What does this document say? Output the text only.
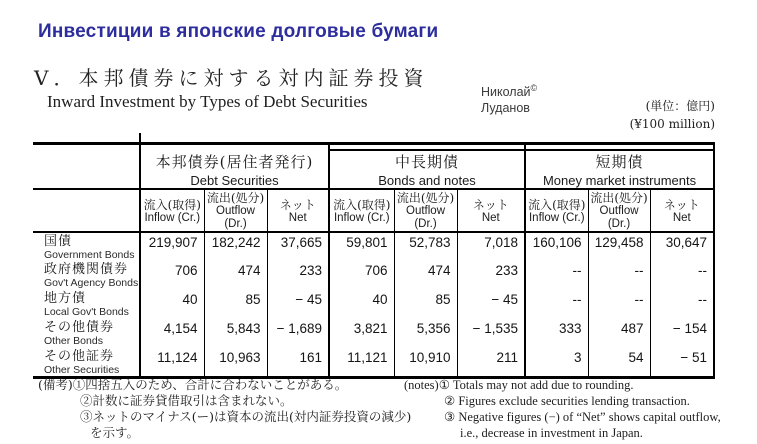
Инвестиции в японские долговые бумаги
Ⅴ．本邦債券に対する対内証券投資
Inward Investment by Types of Debt Securities	Николай©
Луданов	(単位：億円)
(¥100 million)

	本邦債券(居住者発行)
Debt Securities			中長期債
Bonds and notes			短期債
Money market instruments		

	流入(取得)
Inflow (Cr.)	流出(処分)
Outflow (Dr.)	ネット
Net	流入(取得)
Inflow (Cr.)	流出(処分)
Outflow (Dr.)	ネット
Net	流入(取得)
Inflow (Cr.)	流出(処分)
Outflow (Dr.)	ネット
Net

国債
Government Bonds	219,907	182,242	37,665	59,801	52,783	7,018	160,106	129,458	30,647

政府機関債券
Gov't Agency Bonds	706	474	233	706	474	233	--	--	--

地方債
Local Gov't Bonds	40	85	− 45	40	85	− 45	--	--	--

その他債券
Other Bonds	4,154	5,843	− 1,689	3,821	5,356	− 1,535	333	487	− 154

その他証券
Other Securities	11,124	10,963	161	11,121	10,910	211	3	54	− 51
(備考)①四捨五入のため、合計に合わないことがある。
②計数に証券貸借取引は含まれない。
③ネットのマイナス(ー)は資本の流出(対内証券投資の減少)
を示す。
(notes)① Totals may not add due to rounding.
② Figures exclude securities lending transaction.
③ Negative figures (−) of “Net” shows capital outflow,
i.e., decrease in investment in Japan.
